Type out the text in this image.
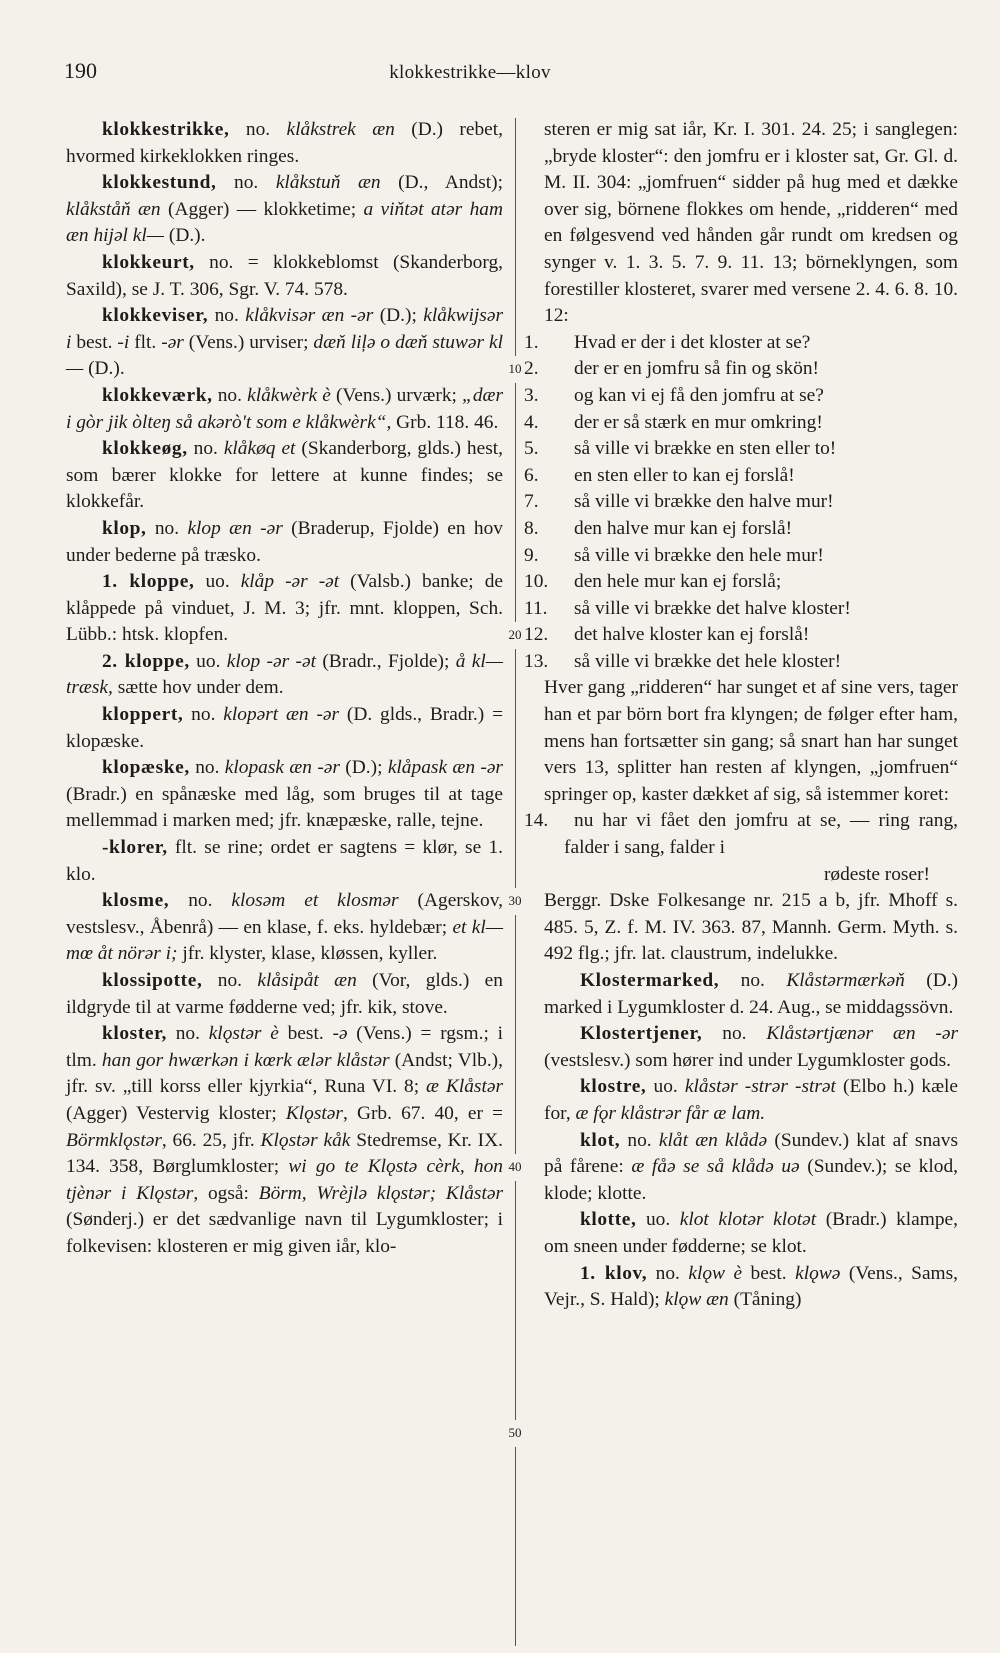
190	klokkestrikke—klov
10
20
30
40
50

klokkestrikke, no. klåkstrek æn (D.) rebet, hvormed kirkeklokken ringes.

klokkestund, no. klåkstuň æn (D., Andst); klåkståň æn (Agger) — klokketime; a viňtət atər ham æn hijəl kl— (D.).

klokkeurt, no. = klokkeblomst (Skanderborg, Saxild), se J. T. 306, Sgr. V. 74. 578.

klokkeviser, no. klåkvisər æn -ər (D.); klåkwijsər i best. -i flt. -ər (Vens.) urviser; dæň liļə o dæň stuwər kl— (D.).

klokkeværk, no. klåkwèrk è (Vens.) urværk; „dær i gòr jik òlteŋ så akərò't som e klåkwèrk“, Grb. 118. 46.

klokkeøg, no. klåkøq et (Skanderborg, glds.) hest, som bærer klokke for lettere at kunne findes; se klokkefår.

klop, no. klop æn -ər (Braderup, Fjolde) en hov under bederne på træsko.

1. kloppe, uo. klåp -ər -ət (Valsb.) banke; de klåppede på vinduet, J. M. 3; jfr. mnt. kloppen, Sch. Lübb.: htsk. klopfen.

2. kloppe, uo. klop -ər -ət (Bradr., Fjolde); å kl— træsk, sætte hov under dem.

kloppert, no. klopərt æn -ər (D. glds., Bradr.) = klopæske.

klopæske, no. klopask æn -ər (D.); klåpask æn -ər (Bradr.) en spånæske med låg, som bruges til at tage mellemmad i marken med; jfr. knæpæske, ralle, tejne.

-klorer, flt. se rine; ordet er sagtens = klør, se 1. klo.

klosme, no. klosəm et klosmər (Agerskov, vestslesv., Åbenrå) — en klase, f. eks. hyldebær; et kl— mœ åt nörər i; jfr. klyster, klase, kløssen, kyller.

klossipotte, no. klåsipåt æn (Vor, glds.) en ildgryde til at varme fødderne ved; jfr. kik, stove.

kloster, no. klǫstər è best. -ə (Vens.) = rgsm.; i tlm. han gor hwærkən i kœrk ælər klåstər (Andst; Vlb.), jfr. sv. „till korss eller kjyrkia“, Runa VI. 8; æ Klåstər (Agger) Vestervig kloster; Klǫstər, Grb. 67. 40, er = Börmklǫstər, 66. 25, jfr. Klǫstər kåk Stedremse, Kr. IX. 134. 358, Børglumkloster; wi go te Klǫstə cèrk, hon tjènər i Klǫstər, også: Börm, Wrèjlə klǫstər; Klåstər (Sønderj.) er det sædvanlige navn til Lygumkloster; i folkevisen: klosteren er mig given iår, klo-

steren er mig sat iår, Kr. I. 301. 24. 25; i sanglegen: „bryde kloster“: den jomfru er i kloster sat, Gr. Gl. d. M. II. 304: „jomfruen“ sidder på hug med et dække over sig, börnene flokkes om hende, „ridderen“ med en følgesvend ved hånden går rundt om kredsen og synger v. 1. 3. 5. 7. 9. 11. 13; börneklyngen, som forestiller klosteret, svarer med versene 2. 4. 6. 8. 10. 12:

1. Hvad er der i det kloster at se?

2. der er en jomfru så fin og skön!

3. og kan vi ej få den jomfru at se?

4. der er så stærk en mur omkring!

5. så ville vi brække en sten eller to!

6. en sten eller to kan ej forslå!

7. så ville vi brække den halve mur!

8. den halve mur kan ej forslå!

9. så ville vi brække den hele mur!

10. den hele mur kan ej forslå;

11. så ville vi brække det halve kloster!

12. det halve kloster kan ej forslå!

13. så ville vi brække det hele kloster!

Hver gang „ridderen“ har sunget et af sine vers, tager han et par börn bort fra klyngen; de følger efter ham, mens han fortsætter sin gang; så snart han har sunget vers 13, splitter han resten af klyngen, „jomfruen“ springer op, kaster dækket af sig, så istemmer koret:

14. nu har vi fået den jomfru at se, — ring rang, falder i sang, falder i

rødeste roser!

Berggr. Dske Folkesange nr. 215 a b, jfr. Mhoff s. 485. 5, Z. f. M. IV. 363. 87, Mannh. Germ. Myth. s. 492 flg.; jfr. lat. claustrum, indelukke.

Klostermarked, no. Klåstərmærkəň (D.) marked i Lygumkloster d. 24. Aug., se middagssövn.

Klostertjener, no. Klåstərtjænər æn -ər (vestslesv.) som hører ind under Lygumkloster gods.

klostre, uo. klåstər -strər -strət (Elbo h.) kæle for, æ fǫr klåstrər får æ lam.

klot, no. klåt æn klådə (Sundev.) klat af snavs på fårene: æ fåə se så klådə uə (Sundev.); se klod, klode; klotte.

klotte, uo. klot klotər klotət (Bradr.) klampe, om sneen under fødderne; se klot.

1. klov, no. klǫw è best. klǫwə (Vens., Sams, Vejr., S. Hald); klǫw æn (Tåning)
